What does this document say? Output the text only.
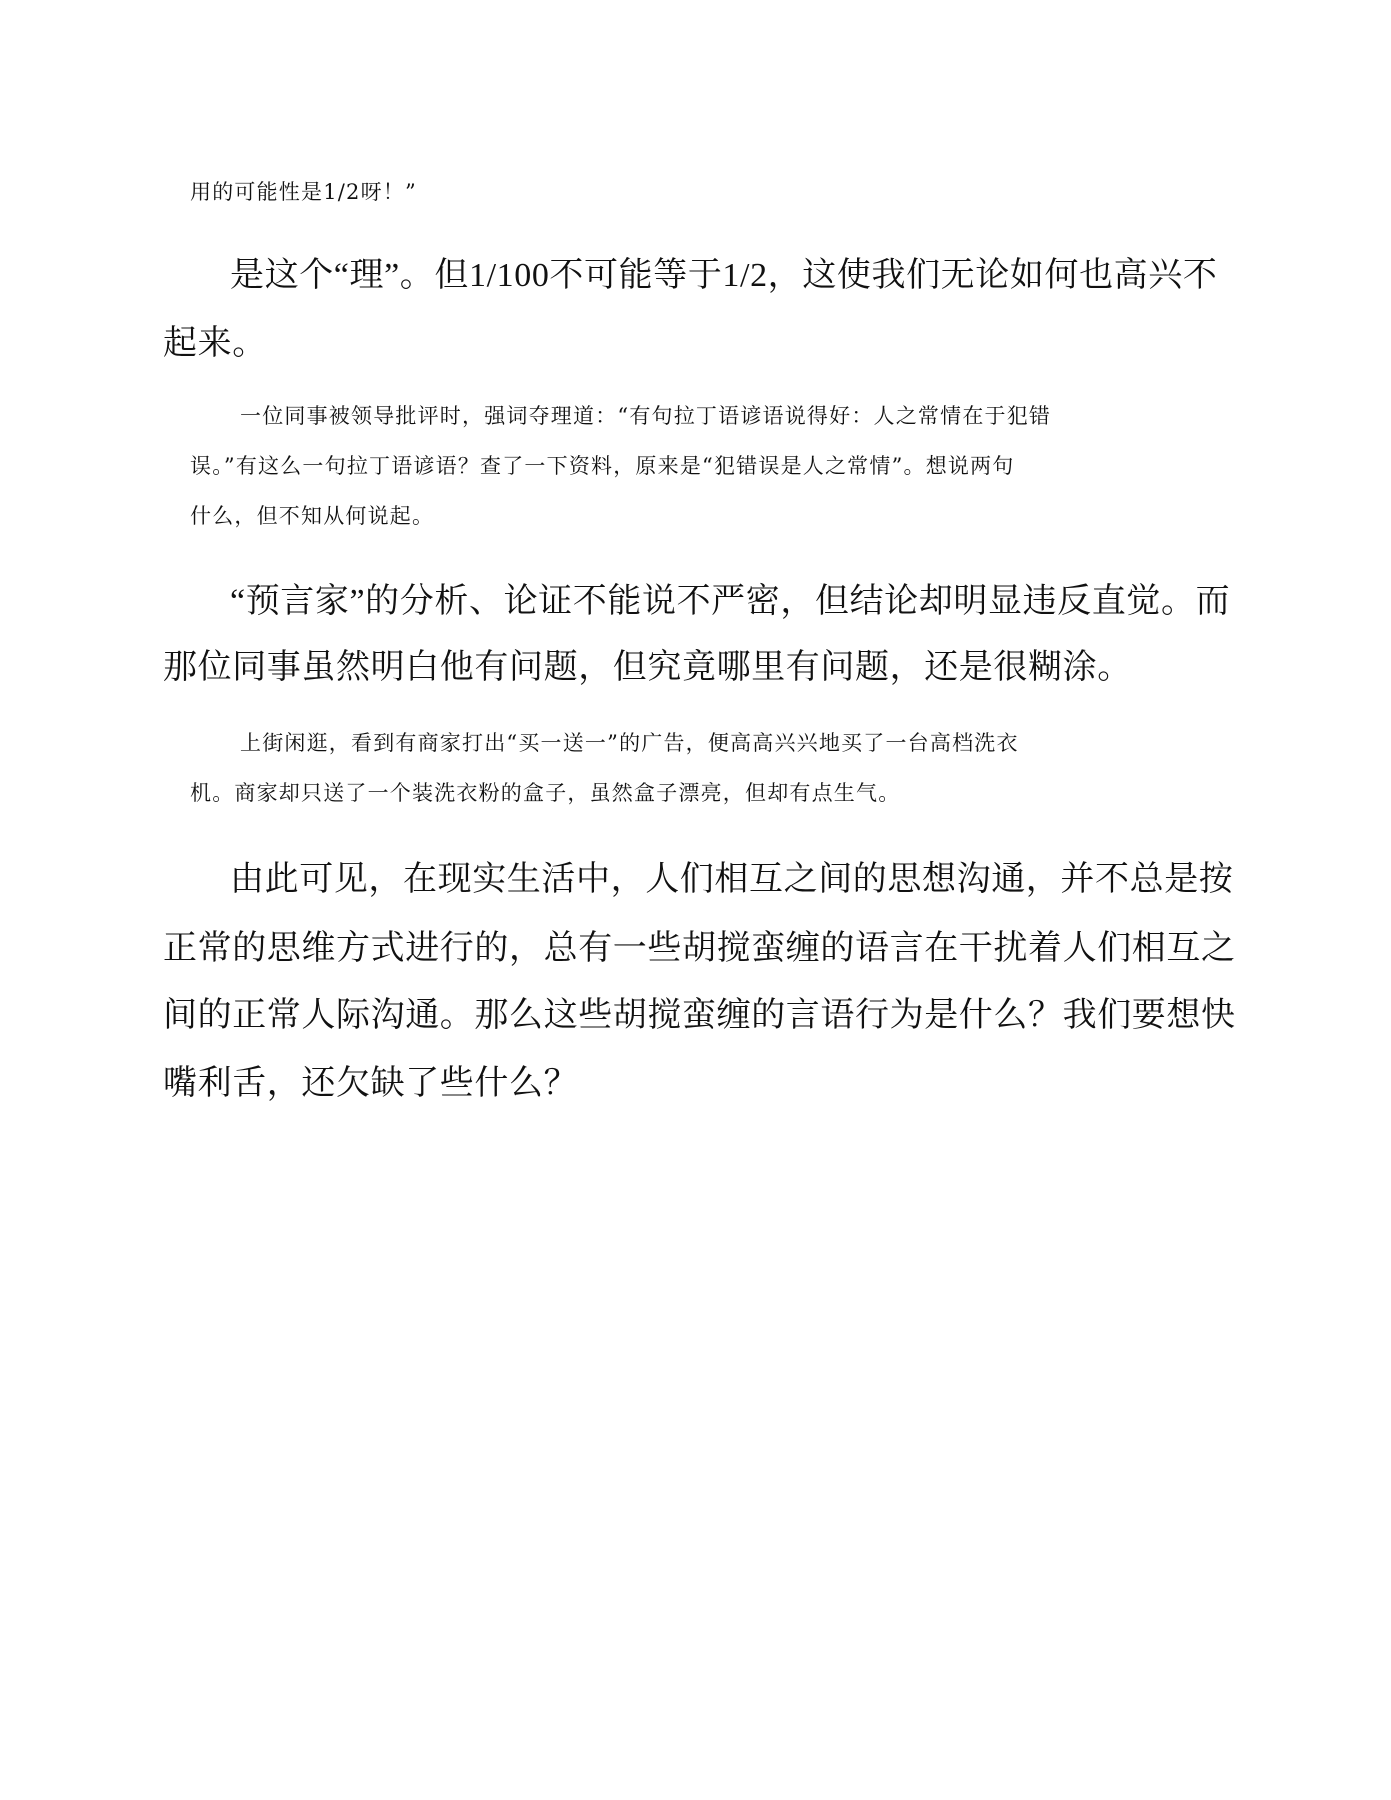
用的可能性是1/2呀！”
是这个“理”。但1/100不可能等于1/2，这使我们无论如何也高兴不
起来。
一位同事被领导批评时，强词夺理道：“有句拉丁语谚语说得好：人之常情在于犯错
误。”有这么一句拉丁语谚语？查了一下资料，原来是“犯错误是人之常情”。想说两句
什么，但不知从何说起。
“预言家”的分析、论证不能说不严密，但结论却明显违反直觉。而
那位同事虽然明白他有问题，但究竟哪里有问题，还是很糊涂。
上街闲逛，看到有商家打出“买一送一”的广告，便高高兴兴地买了一台高档洗衣
机。商家却只送了一个装洗衣粉的盒子，虽然盒子漂亮，但却有点生气。
由此可见，在现实生活中，人们相互之间的思想沟通，并不总是按
正常的思维方式进行的，总有一些胡搅蛮缠的语言在干扰着人们相互之
间的正常人际沟通。那么这些胡搅蛮缠的言语行为是什么？我们要想快
嘴利舌，还欠缺了些什么？
